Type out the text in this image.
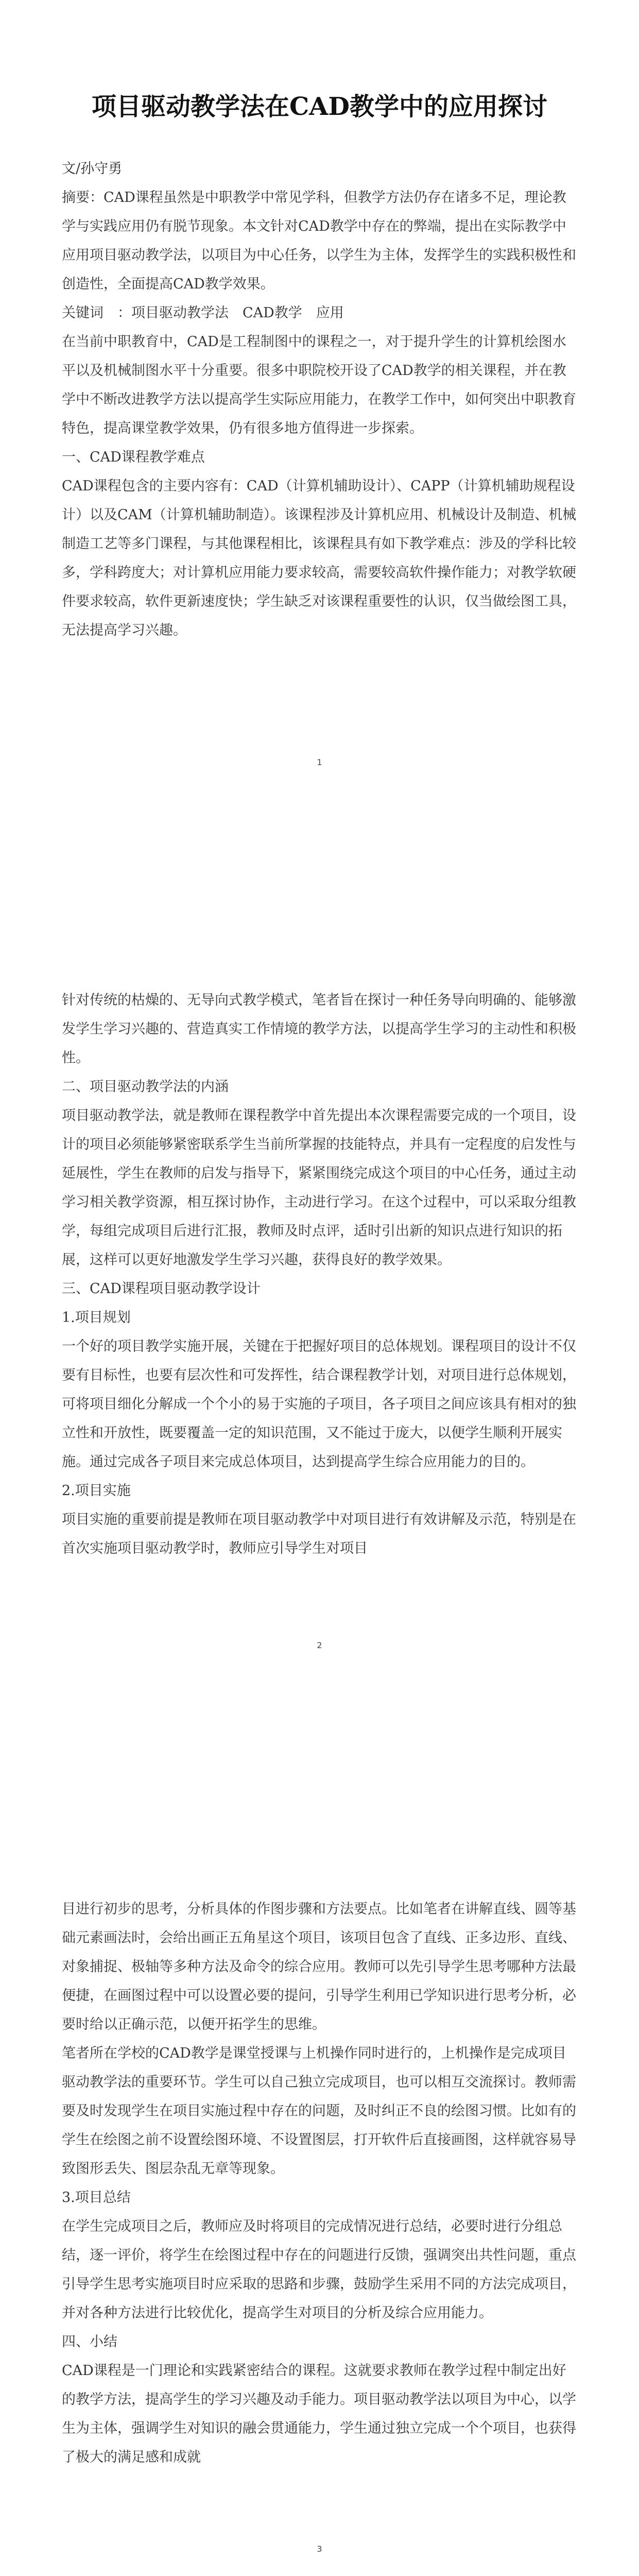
项目驱动教学法在CAD教学中的应用探讨

文/孙守勇

摘要：CAD课程虽然是中职教学中常见学科，但教学方法仍存在诸多不足，理论教学与实践应用仍有脱节现象。本文针对CAD教学中存在的弊端，提出在实际教学中应用项目驱动教学法，以项目为中心任务，以学生为主体，发挥学生的实践积极性和创造性，全面提高CAD教学效果。

关键词　：项目驱动教学法　CAD教学　应用

在当前中职教育中，CAD是工程制图中的课程之一，对于提升学生的计算机绘图水平以及机械制图水平十分重要。很多中职院校开设了CAD教学的相关课程，并在教学中不断改进教学方法以提高学生实际应用能力，在教学工作中，如何突出中职教育特色，提高课堂教学效果，仍有很多地方值得进一步探索。

一、CAD课程教学难点

CAD课程包含的主要内容有：CAD（计算机辅助设计）、CAPP（计算机辅助规程设计）以及CAM（计算机辅助制造）。该课程涉及计算机应用、机械设计及制造、机械制造工艺等多门课程，与其他课程相比，该课程具有如下教学难点：涉及的学科比较多，学科跨度大；对计算机应用能力要求较高，需要较高软件操作能力；对教学软硬件要求较高，软件更新速度快；学生缺乏对该课程重要性的认识，仅当做绘图工具，无法提高学习兴趣。

1

针对传统的枯燥的、无导向式教学模式，笔者旨在探讨一种任务导向明确的、能够激发学生学习兴趣的、营造真实工作情境的教学方法，以提高学生学习的主动性和积极性。

二、项目驱动教学法的内涵

项目驱动教学法，就是教师在课程教学中首先提出本次课程需要完成的一个项目，设计的项目必须能够紧密联系学生当前所掌握的技能特点，并具有一定程度的启发性与延展性，学生在教师的启发与指导下，紧紧围绕完成这个项目的中心任务，通过主动学习相关教学资源，相互探讨协作，主动进行学习。在这个过程中，可以采取分组教学，每组完成项目后进行汇报，教师及时点评，适时引出新的知识点进行知识的拓展，这样可以更好地激发学生学习兴趣，获得良好的教学效果。

三、CAD课程项目驱动教学设计

1.项目规划

一个好的项目教学实施开展，关键在于把握好项目的总体规划。课程项目的设计不仅要有目标性，也要有层次性和可发挥性，结合课程教学计划，对项目进行总体规划，可将项目细化分解成一个个小的易于实施的子项目，各子项目之间应该具有相对的独立性和开放性，既要覆盖一定的知识范围，又不能过于庞大，以便学生顺利开展实施。通过完成各子项目来完成总体项目，达到提高学生综合应用能力的目的。

2.项目实施

项目实施的重要前提是教师在项目驱动教学中对项目进行有效讲解及示范，特别是在首次实施项目驱动教学时，教师应引导学生对项目

2

目进行初步的思考，分析具体的作图步骤和方法要点。比如笔者在讲解直线、圆等基础元素画法时，会给出画正五角星这个项目，该项目包含了直线、正多边形、直线、对象捕捉、极轴等多种方法及命令的综合应用。教师可以先引导学生思考哪种方法最便捷，在画图过程中可以设置必要的提问，引导学生利用已学知识进行思考分析，必要时给以正确示范，以便开拓学生的思维。

笔者所在学校的CAD教学是课堂授课与上机操作同时进行的，上机操作是完成项目驱动教学法的重要环节。学生可以自己独立完成项目，也可以相互交流探讨。教师需要及时发现学生在项目实施过程中存在的问题，及时纠正不良的绘图习惯。比如有的学生在绘图之前不设置绘图环境、不设置图层，打开软件后直接画图，这样就容易导致图形丢失、图层杂乱无章等现象。

3.项目总结

在学生完成项目之后，教师应及时将项目的完成情况进行总结，必要时进行分组总结，逐一评价，将学生在绘图过程中存在的问题进行反馈，强调突出共性问题，重点引导学生思考实施项目时应采取的思路和步骤，鼓励学生采用不同的方法完成项目，并对各种方法进行比较优化，提高学生对项目的分析及综合应用能力。

四、小结

CAD课程是一门理论和实践紧密结合的课程。这就要求教师在教学过程中制定出好的教学方法，提高学生的学习兴趣及动手能力。项目驱动教学法以项目为中心，以学生为主体，强调学生对知识的融会贯通能力，学生通过独立完成一个个项目，也获得了极大的满足感和成就

3
